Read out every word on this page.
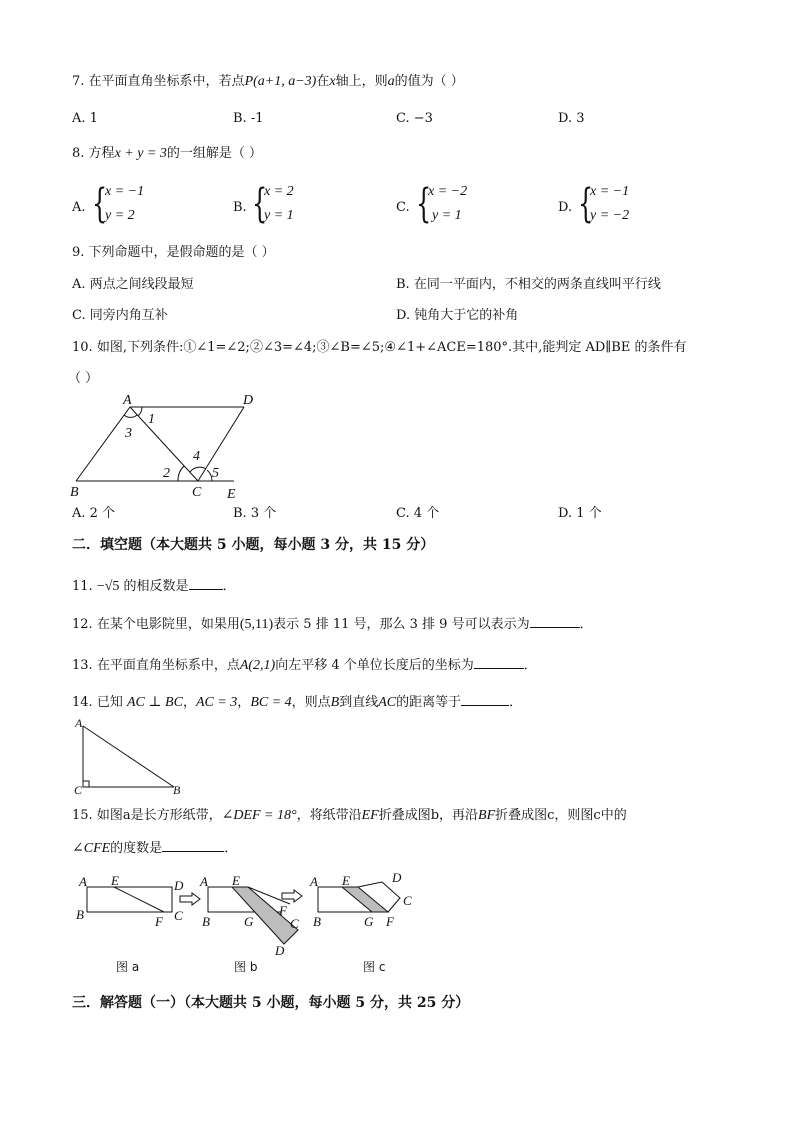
7. 在平面直角坐标系中，若点P(a+1, a−3)在x轴上，则a的值为（ ）
A. 1	B. -1	C. −3	D. 3
8. 方程x + y = 3的一组解是（ ）
A. {
x = −1
y = 2
B. {
x = 2
y = 1
C. {
x = −2
y = 1
D. {
x = −1
y = −2
9. 下列命题中，是假命题的是（ ）
A. 两点之间线段最短	B. 在同一平面内，不相交的两条直线叫平行线
C. 同旁内角互补	D. 钝角大于它的补角
10. 如图,下列条件:①∠1=∠2;②∠3=∠4;③∠B=∠5;④∠1+∠ACE=180°.其中,能判定 AD∥BE 的条件有
（ ）
A	D
1
3
4
2	5
B	C E
A. 2 个	B. 3 个	C. 4 个	D. 1 个
二．填空题（本大题共 5 小题，每小题 3 分，共 15 分）
11. −√5 的相反数是	．
12. 在某个电影院里，如果用(5,11)表示 5 排 11 号，那么 3 排 9 号可以表示为	．
13. 在平面直角坐标系中，点A(2,1)向左平移 4 个单位长度后的坐标为	．
14. 已知 AC ⊥ BC，AC = 3，BC = 4，则点B到直线AC的距离等于	．
A
C	B
15. 如图a是长方形纸带，∠DEF = 18°，将纸带沿EF折叠成图b，再沿BF折叠成图c，则图c中的
∠CFE的度数是	．
A E	D
B	F C
A E
B	G
F
C
D
A E	D
C
B	G F
图 a	图 b	图 c
三．解答题（一）（本大题共 5 小题，每小题 5 分，共 25 分）
